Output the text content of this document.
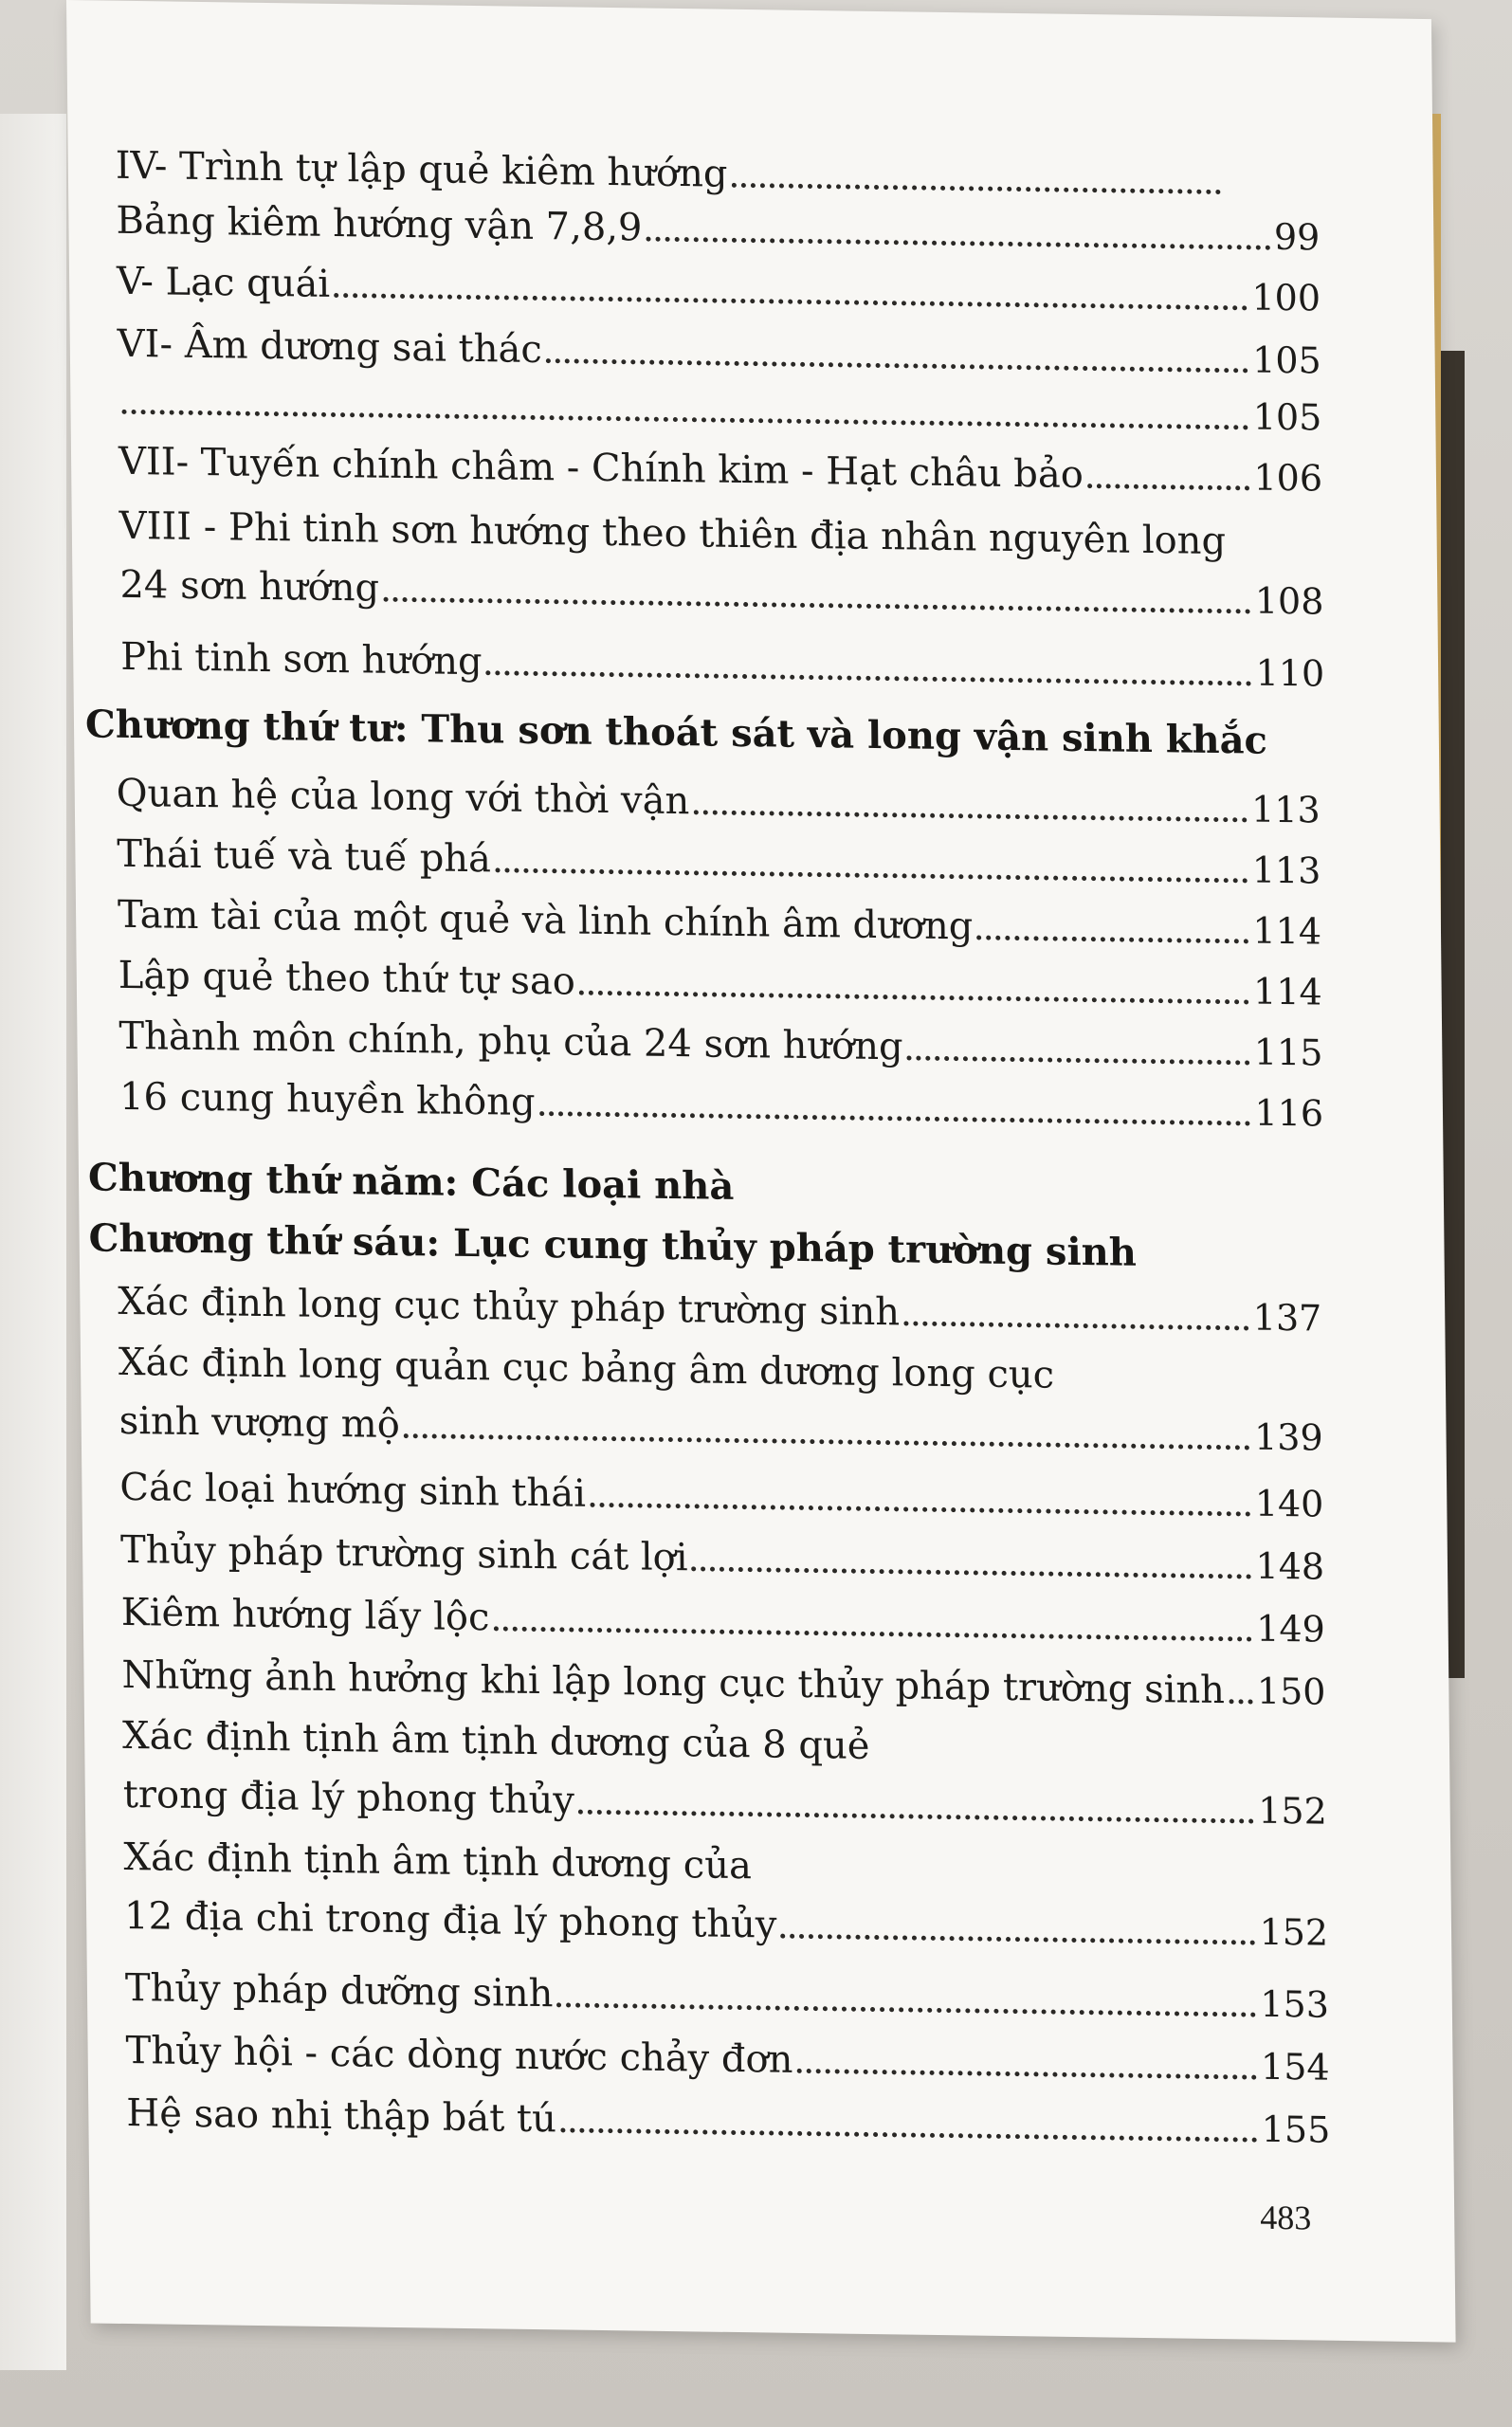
IV- Trình tự lập quẻ kiêm hướng
Bảng kiêm hướng vận 7,8,9	99
V- Lạc quái	100
VI- Âm dương sai thác	105
105
VII- Tuyến chính châm - Chính kim - Hạt châu bảo	106
VIII - Phi tinh sơn hướng theo thiên địa nhân nguyên long
24 sơn hướng	108
Phi tinh sơn hướng	110
Chương thứ tư: Thu sơn thoát sát và long vận sinh khắc
Quan hệ của long với thời vận	113
Thái tuế và tuế phá	113
Tam tài của một quẻ và linh chính âm dương	114
Lập quẻ theo thứ tự sao	114
Thành môn chính, phụ của 24 sơn hướng	115
16 cung huyền không	116
Chương thứ năm: Các loại nhà
Chương thứ sáu: Lục cung thủy pháp trường sinh
Xác định long cục thủy pháp trường sinh	137
Xác định long quản cục bảng âm dương long cục
sinh vượng mộ	139
Các loại hướng sinh thái	140
Thủy pháp trường sinh cát lợi	148
Kiêm hướng lấy lộc	149
Những ảnh hưởng khi lập long cục thủy pháp trường sinh 150
Xác định tịnh âm tịnh dương của 8 quẻ
trong địa lý phong thủy	152
Xác định tịnh âm tịnh dương của
12 địa chi trong địa lý phong thủy	152
Thủy pháp dưỡng sinh	153
Thủy hội - các dòng nước chảy đơn	154
Hệ sao nhị thập bát tú	155
483
